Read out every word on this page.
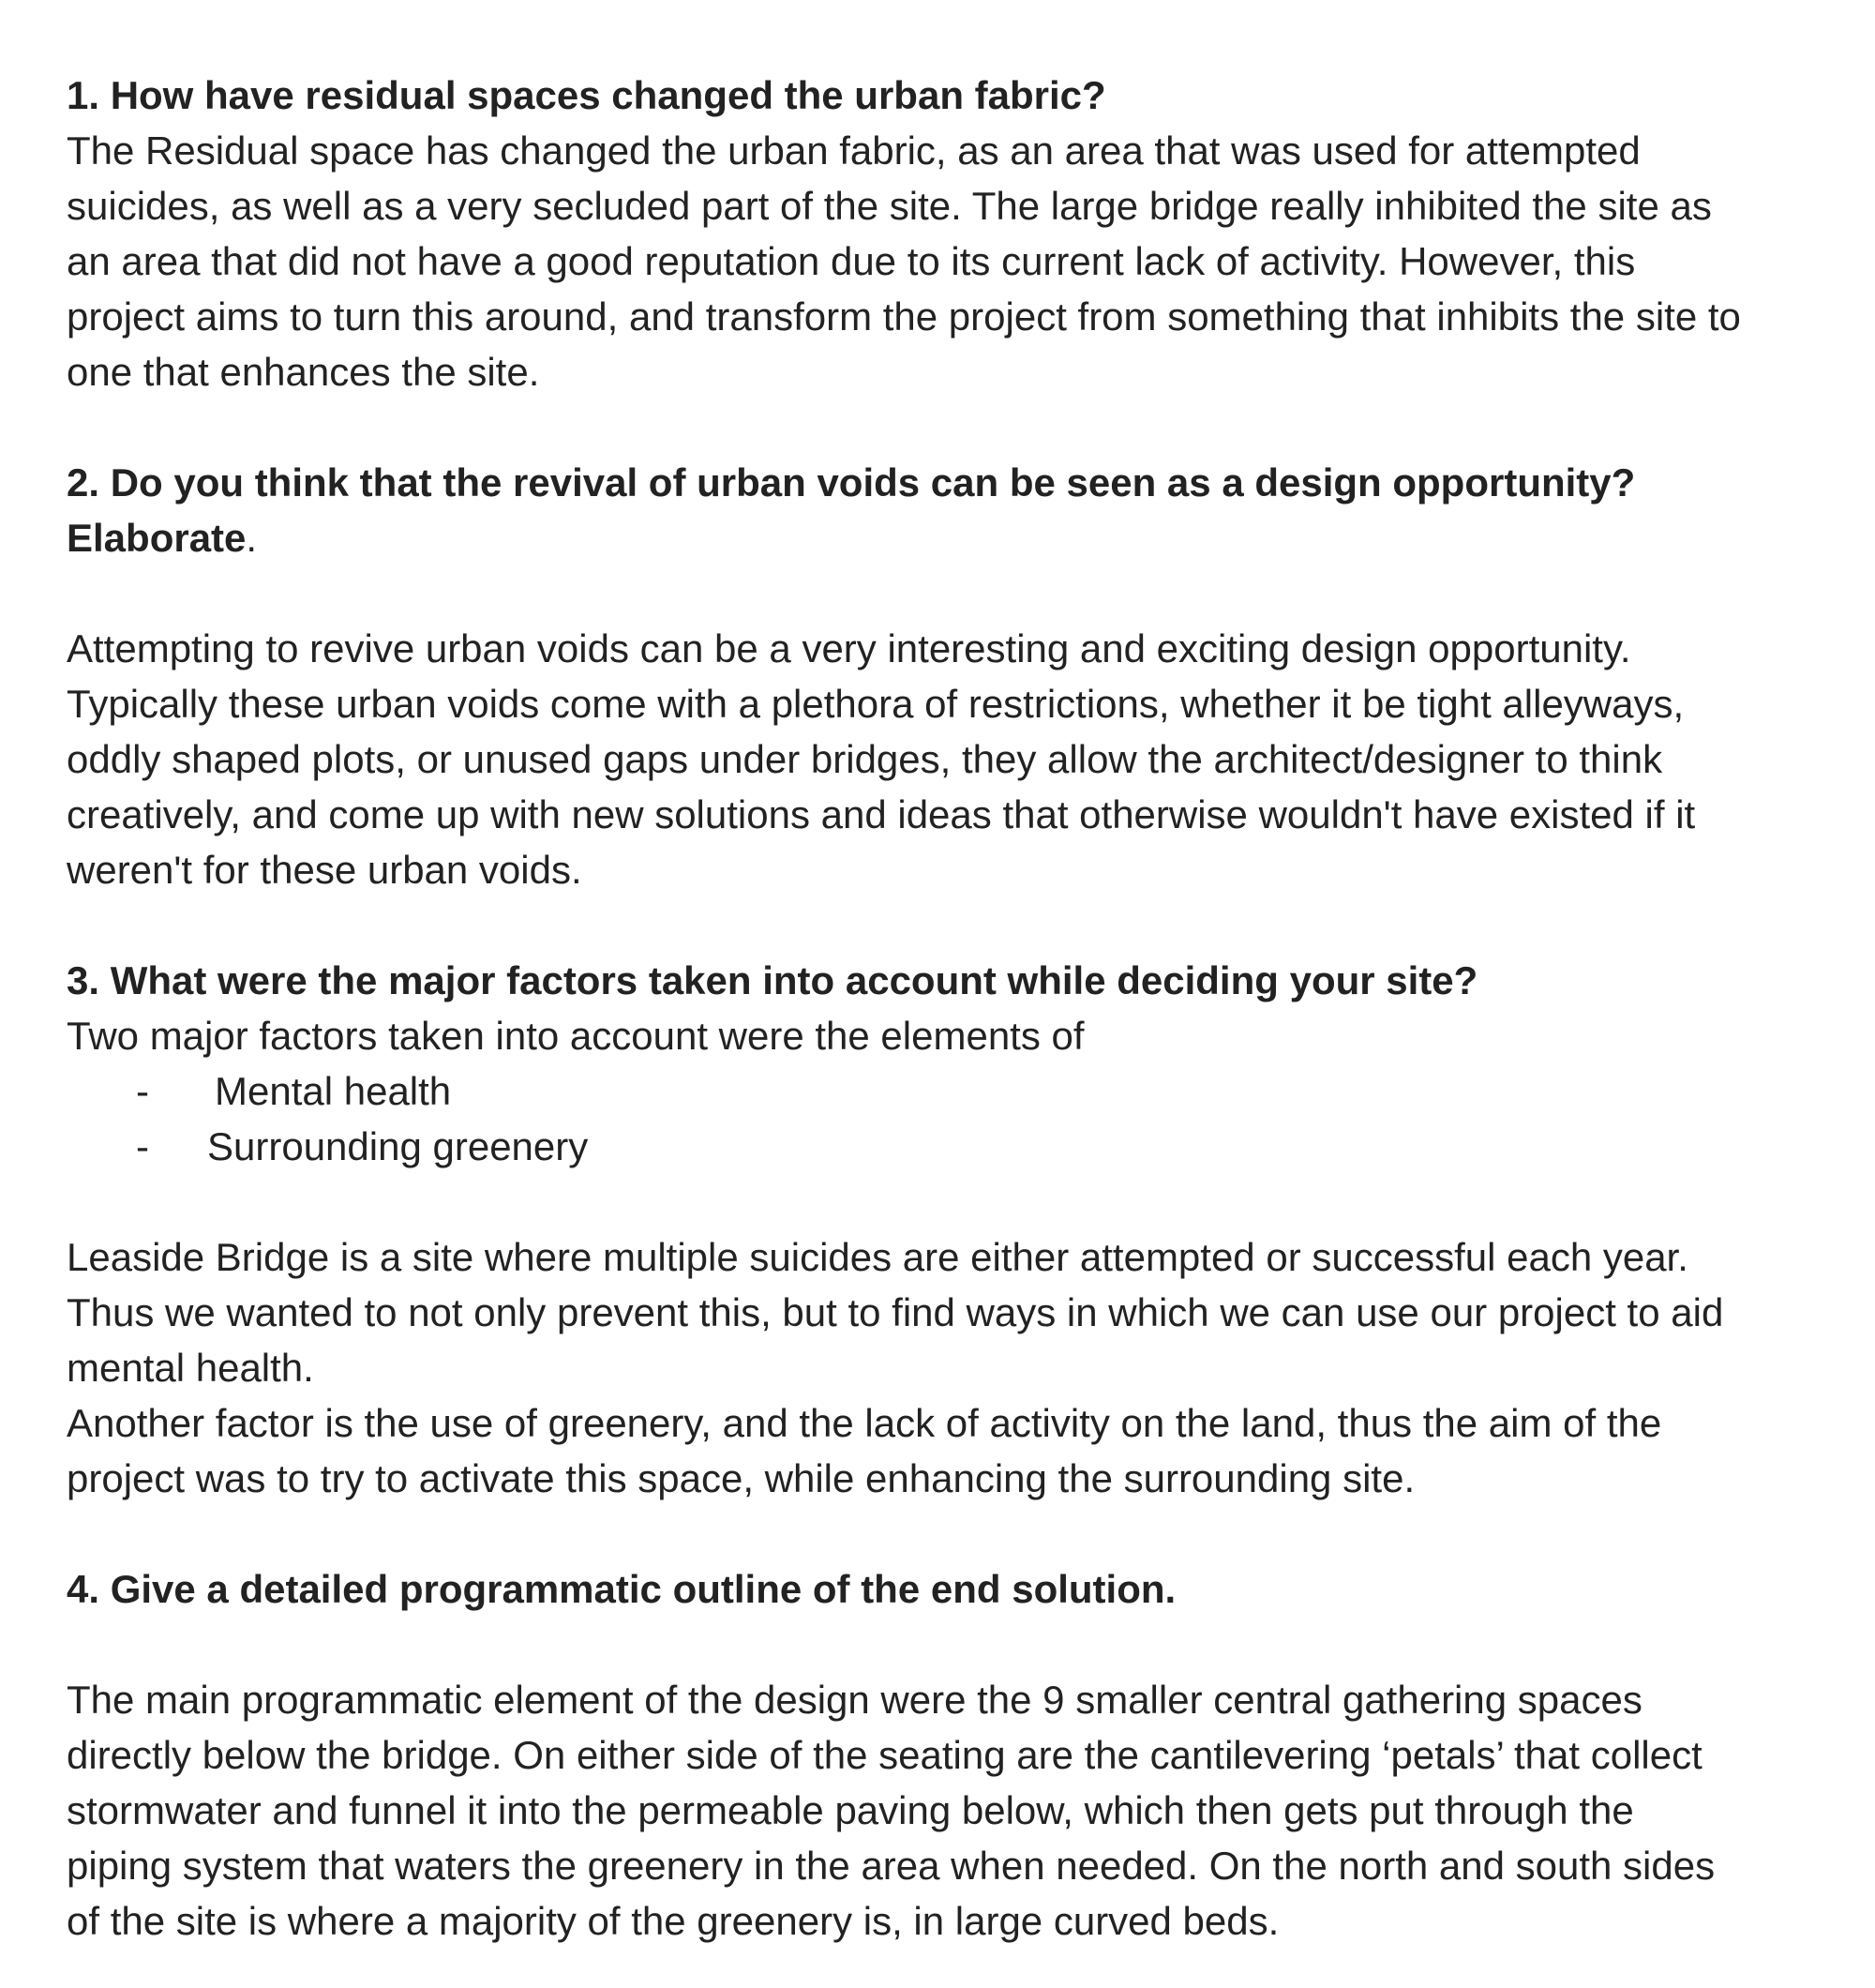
1. How have residual spaces changed the urban fabric?
The Residual space has changed the urban fabric, as an area that was used for attempted
suicides, as well as a very secluded part of the site. The large bridge really inhibited the site as
an area that did not have a good reputation due to its current lack of activity. However, this
project aims to turn this around, and transform the project from something that inhibits the site to
one that enhances the site.
2. Do you think that the revival of urban voids can be seen as a design opportunity?
Elaborate.
Attempting to revive urban voids can be a very interesting and exciting design opportunity.
Typically these urban voids come with a plethora of restrictions, whether it be tight alleyways,
oddly shaped plots, or unused gaps under bridges, they allow the architect/designer to think
creatively, and come up with new solutions and ideas that otherwise wouldn't have existed if it
weren't for these urban voids.
3. What were the major factors taken into account while deciding your site?
Two major factors taken into account were the elements of
- Mental health
- Surrounding greenery
Leaside Bridge is a site where multiple suicides are either attempted or successful each year.
Thus we wanted to not only prevent this, but to find ways in which we can use our project to aid
mental health.
Another factor is the use of greenery, and the lack of activity on the land, thus the aim of the
project was to try to activate this space, while enhancing the surrounding site.
4. Give a detailed programmatic outline of the end solution.
The main programmatic element of the design were the 9 smaller central gathering spaces
directly below the bridge. On either side of the seating are the cantilevering ‘petals’ that collect
stormwater and funnel it into the permeable paving below, which then gets put through the
piping system that waters the greenery in the area when needed. On the north and south sides
of the site is where a majority of the greenery is, in large curved beds.
